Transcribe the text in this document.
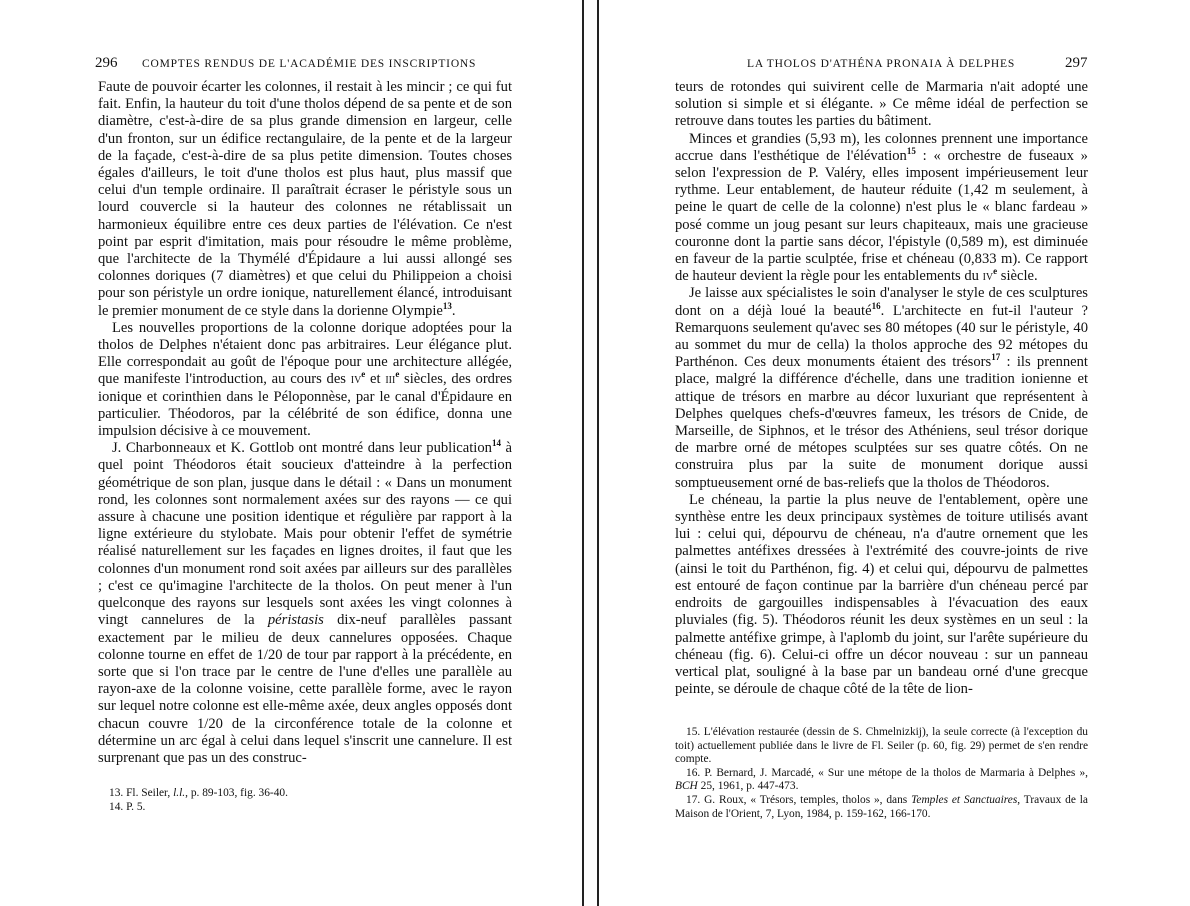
296 COMPTES RENDUS DE L'ACADÉMIE DES INSCRIPTIONS

Faute de pouvoir écarter les colonnes, il restait à les mincir ; ce qui fut fait. Enfin, la hauteur du toit d'une tholos dépend de sa pente et de son diamètre, c'est-à-dire de sa plus grande dimension en largeur, celle d'un fronton, sur un édifice rectangulaire, de la pente et de la largeur de la façade, c'est-à-dire de sa plus petite dimension. Toutes choses égales d'ailleurs, le toit d'une tholos est plus haut, plus massif que celui d'un temple ordinaire. Il paraîtrait écraser le péristyle sous un lourd couvercle si la hauteur des colonnes ne rétablissait un harmonieux équilibre entre ces deux parties de l'élévation. Ce n'est point par esprit d'imitation, mais pour résoudre le même problème, que l'architecte de la Thymélé d'Épidaure a lui aussi allongé ses colonnes doriques (7 diamètres) et que celui du Philippeion a choisi pour son péristyle un ordre ionique, naturellement élancé, introduisant le premier monument de ce style dans la dorienne Olympie$^{13}$.

Les nouvelles proportions de la colonne dorique adoptées pour la tholos de Delphes n'étaient donc pas arbitraires. Leur élégance plut. Elle correspondait au goût de l'époque pour une architecture allégée, que manifeste l'introduction, au cours des $iv^e$ et iii$^e$ siècles, des ordres ionique et corinthien dans le Péloponnèse, par le canal d'Épidaure en particulier. Théodoros, par la célébrité de son édifice, donna une impulsion décisive à ce mouvement.

J. Charbonneaux et K. Gottlob ont montré dans leur publication$^{14}$ à quel point Théodoros était soucieux d'atteindre à la perfection géométrique de son plan, jusque dans le détail : « Dans un monument rond, les colonnes sont normalement axées sur des rayons — ce qui assure à chacune une position identique et régulière par rapport à la ligne extérieure du stylobate. Mais pour obtenir l'effet de symétrie réalisé naturellement sur les façades en lignes droites, il faut que les colonnes d'un monument rond soit axées par ailleurs sur des parallèles ; c'est ce qu'imagine l'architecte de la tholos. On peut mener à l'un quelconque des rayons sur lesquels sont axées les vingt colonnes à vingt cannelures de la péristasis dix-neuf parallèles passant exactement par le milieu de deux cannelures opposées. Chaque colonne tourne en effet de 1/20 de tour par rapport à la précédente, en sorte que si l'on trace par le centre de l'une d'elles une parallèle au rayon-axe de la colonne voisine, cette parallèle forme, avec le rayon sur lequel notre colonne est elle-même axée, deux angles opposés dont chacun couvre 1/20 de la circonférence totale de la colonne et détermine un arc égal à celui dans lequel s'inscrit une cannelure. Il est surprenant que pas un des construc-

13. Fl. Seiler, l.l., p. 89-103, fig. 36-40.

14. P. 5.

LA THOLOS D'ATHÉNA PRONAIA À DELPHES	297

teurs de rotondes qui suivirent celle de Marmaria n'ait adopté une solution si simple et si élégante. » Ce même idéal de perfection se retrouve dans toutes les parties du bâtiment.

Minces et grandies (5,93 m), les colonnes prennent une importance accrue dans l'esthétique de l'élévation$^{15}$ : « orchestre de fuseaux » selon l'expression de P. Valéry, elles imposent impérieusement leur rythme. Leur entablement, de hauteur réduite (1,42 m seulement, à peine le quart de celle de la colonne) n'est plus le « blanc fardeau » posé comme un joug pesant sur leurs chapiteaux, mais une gracieuse couronne dont la partie sans décor, l'épistyle (0,589 m), est diminuée en faveur de la partie sculptée, frise et chéneau (0,833 m). Ce rapport de hauteur devient la règle pour les entablements du $iv^e$ siècle.

Je laisse aux spécialistes le soin d'analyser le style de ces sculptures dont on a déjà loué la beauté$^{16}$. L'architecte en fut-il l'auteur ? Remarquons seulement qu'avec ses 80 métopes (40 sur le péristyle, 40 au sommet du mur de cella) la tholos approche des 92 métopes du Parthénon. Ces deux monuments étaient des trésors$^{17}$ : ils prennent place, malgré la différence d'échelle, dans une tradition ionienne et attique de trésors en marbre au décor luxuriant que représentent à Delphes quelques chefs-d'œuvres fameux, les trésors de Cnide, de Marseille, de Siphnos, et le trésor des Athéniens, seul trésor dorique de marbre orné de métopes sculptées sur ses quatre côtés. On ne construira plus par la suite de monument dorique aussi somptueusement orné de bas-reliefs que la tholos de Théodoros.

Le chéneau, la partie la plus neuve de l'entablement, opère une synthèse entre les deux principaux systèmes de toiture utilisés avant lui : celui qui, dépourvu de chéneau, n'a d'autre ornement que les palmettes antéfixes dressées à l'extrémité des couvre-joints de rive (ainsi le toit du Parthénon, fig. 4) et celui qui, dépourvu de palmettes est entouré de façon continue par la barrière d'un chéneau percé par endroits de gargouilles indispensables à l'évacuation des eaux pluviales (fig. 5). Théodoros réunit les deux systèmes en un seul : la palmette antéfixe grimpe, à l'aplomb du joint, sur l'arête supérieure du chéneau (fig. 6). Celui-ci offre un décor nouveau : sur un panneau vertical plat, souligné à la base par un bandeau orné d'une grecque peinte, se déroule de chaque côté de la tête de lion-

15. L'élévation restaurée (dessin de S. Chmelnizkij), la seule correcte (à l'exception du toit) actuellement publiée dans le livre de Fl. Seiler (p. 60, fig. 29) permet de s'en rendre compte.

16. P. Bernard, J. Marcadé, « Sur une métope de la tholos de Marmaria à Delphes », BCH 25, 1961, p. 447-473.

17. G. Roux, « Trésors, temples, tholos », dans Temples et Sanctuaires, Travaux de la Maison de l'Orient, 7, Lyon, 1984, p. 159-162, 166-170.
